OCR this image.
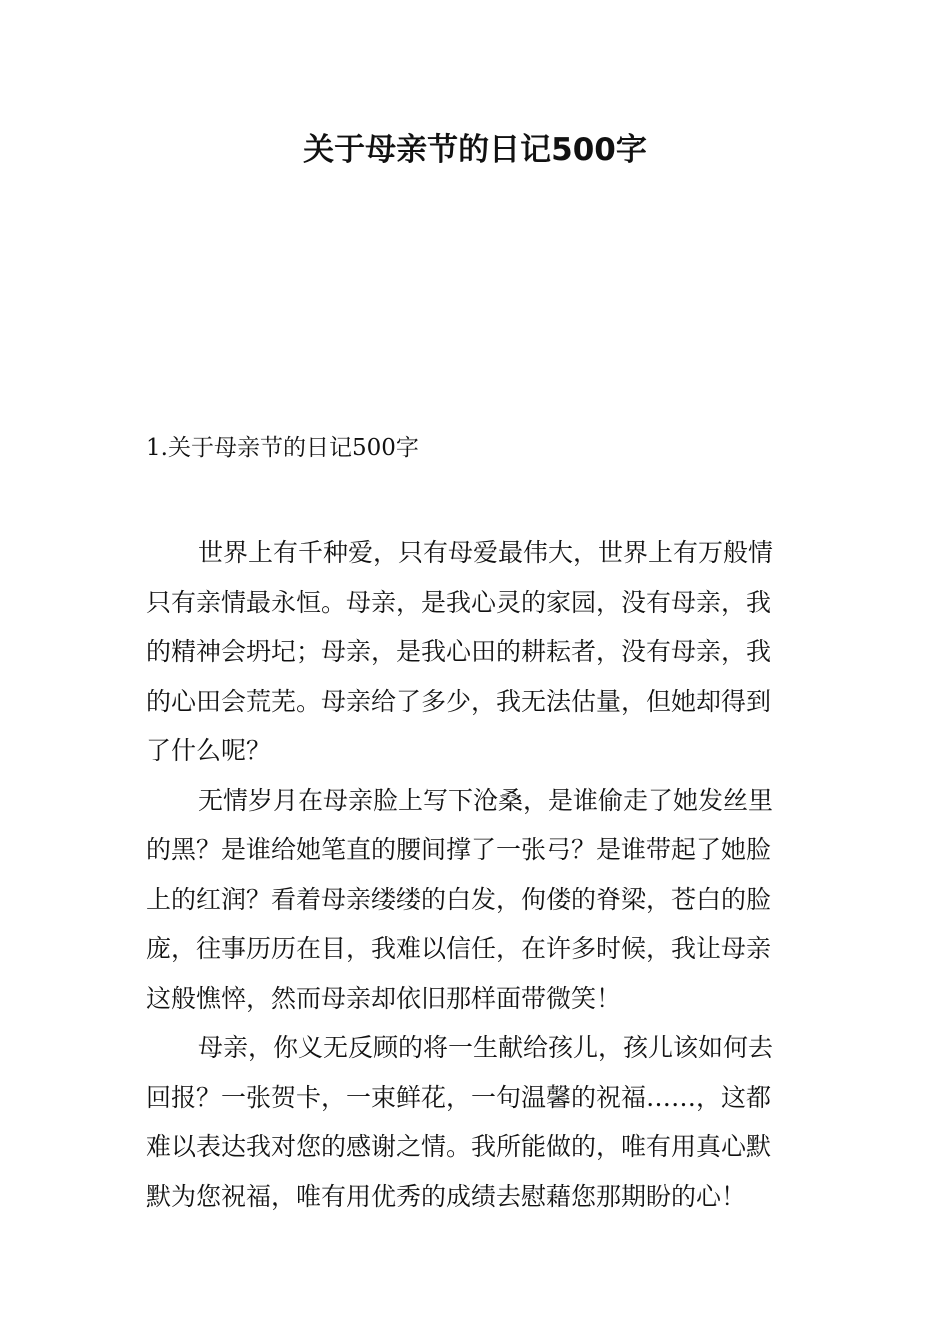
关于母亲节的日记500字
1.关于母亲节的日记500字

世界上有千种爱，只有母爱最伟大，世界上有万般情
只有亲情最永恒。母亲，是我心灵的家园，没有母亲，我
的精神会坍圮；母亲，是我心田的耕耘者，没有母亲，我
的心田会荒芜。母亲给了多少，我无法估量，但她却得到
了什么呢？

无情岁月在母亲脸上写下沧桑，是谁偷走了她发丝里
的黑？是谁给她笔直的腰间撑了一张弓？是谁带起了她脸
上的红润？看着母亲缕缕的白发，佝偻的脊梁，苍白的脸
庞，往事历历在目，我难以信任，在许多时候，我让母亲
这般憔悴，然而母亲却依旧那样面带微笑！

母亲，你义无反顾的将一生献给孩儿，孩儿该如何去
回报？一张贺卡，一束鲜花，一句温馨的祝福……，这都
难以表达我对您的感谢之情。我所能做的，唯有用真心默
默为您祝福，唯有用优秀的成绩去慰藉您那期盼的心！
